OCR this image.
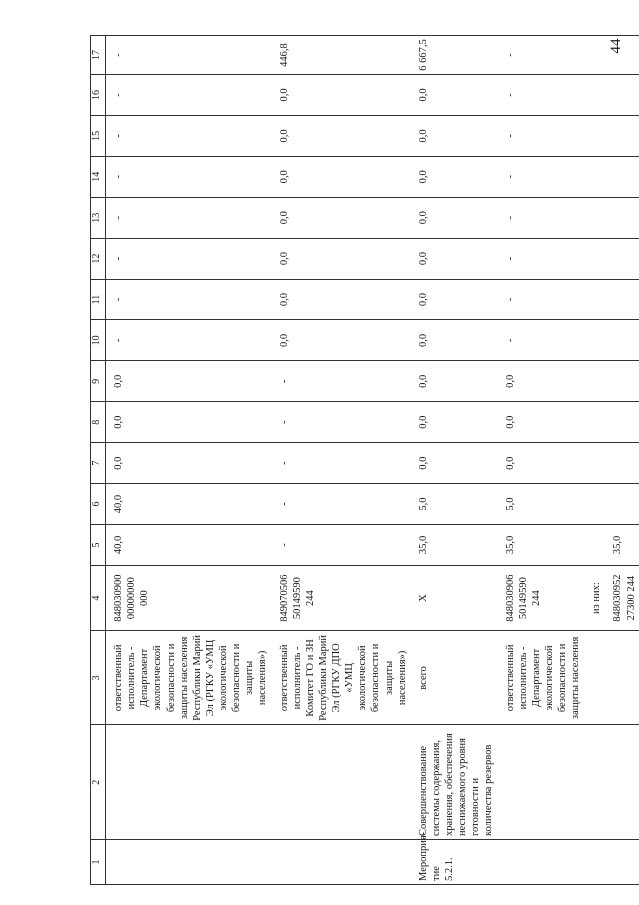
44
1	2	3	4	5	6	7	8	9	10	11	12	13	14	15	16	17
		ответственный исполнитель - Департамент экологической безопасности и защиты населения Республики Марий Эл (РГКУ «УМЦ экологической безопасности и защиты населения»)	848030900 00000000 000	40,0	40,0	0,0	0,0	0,0	-	-	-	-	-	-	-	-
		ответственный исполнитель - Комитет ГО и ЗН Республики Марий Эл (РГКУ ДПО «УМЦ экологической безопасности и защиты населения»)	849070506 50149590 244	-	-	-	-	-	0,0	0,0	0,0	0,0	0,0	0,0	0,0	446,8
Мероприя-тие 5.2.1.	Совершенствование системы содержания, хранения, обеспечения неснижаемого уровня готовности и количества резервов	всего	Х	35,0	5,0	0,0	0,0	0,0	0,0	0,0	0,0	0,0	0,0	0,0	0,0	6 667,5
		ответственный исполнитель - Департамент экологической безопасности и защиты населения	848030906 50149590 244	35,0	5,0	0,0	0,0	0,0	-	-	-	-	-	-	-	-
			из них:													
			848030952 27300 244	35,0												
